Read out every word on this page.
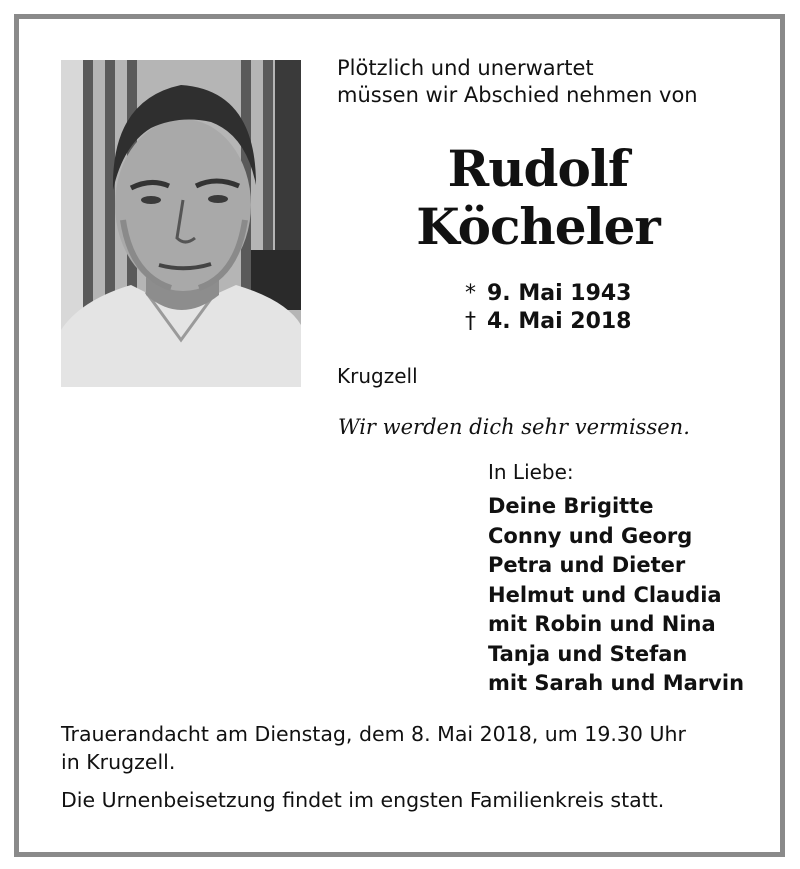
Plötzlich und unerwartet
müssen wir Abschied nehmen von
Rudolf
Köcheler
* 9. Mai 1943
† 4. Mai 2018
Krugzell
Wir werden dich sehr vermissen.
In Liebe:
Deine Brigitte
Conny und Georg
Petra und Dieter
Helmut und Claudia
mit Robin und Nina
Tanja und Stefan
mit Sarah und Marvin
Trauerandacht am Dienstag, dem 8. Mai 2018, um 19.30 Uhr
in Krugzell.
Die Urnenbeisetzung findet im engsten Familienkreis statt.
